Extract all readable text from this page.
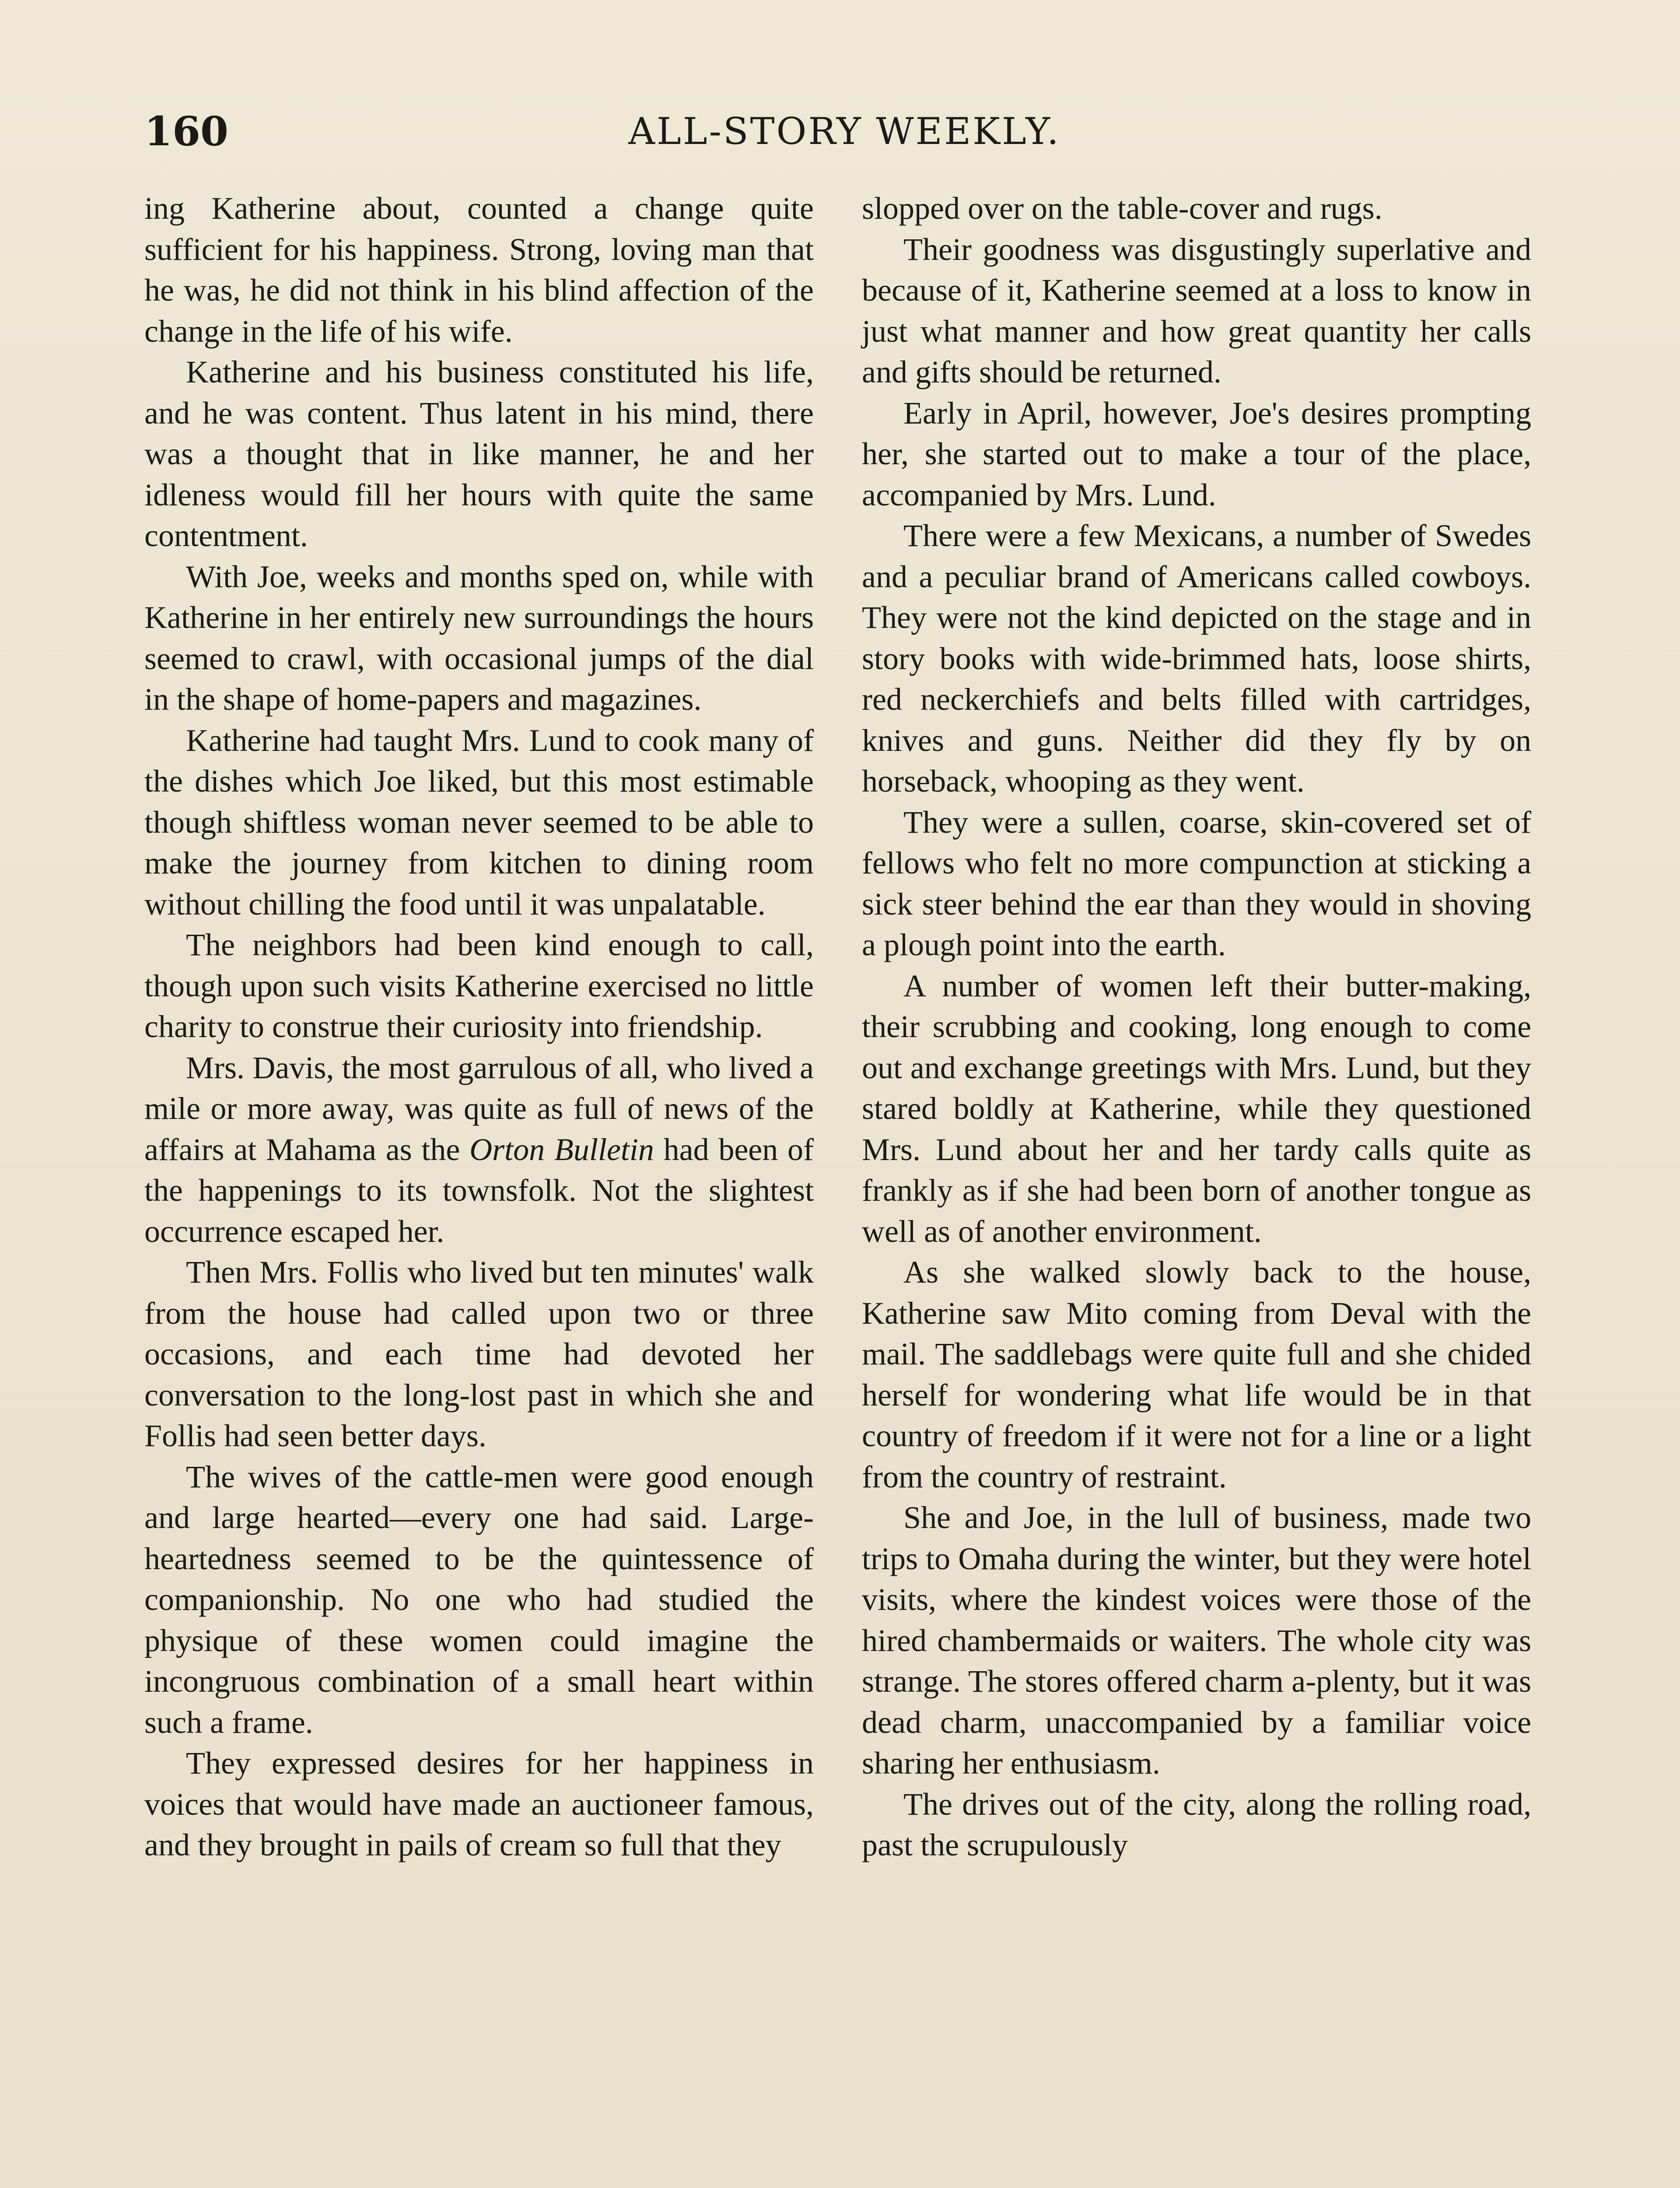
160	ALL-STORY WEEKLY.

ing Katherine about, counted a change quite sufficient for his happiness. Strong, loving man that he was, he did not think in his blind affection of the change in the life of his wife.

Katherine and his business constituted his life, and he was content. Thus latent in his mind, there was a thought that in like manner, he and her idleness would fill her hours with quite the same contentment.

With Joe, weeks and months sped on, while with Katherine in her entirely new surroundings the hours seemed to crawl, with occasional jumps of the dial in the shape of home-papers and magazines.

Katherine had taught Mrs. Lund to cook many of the dishes which Joe liked, but this most estimable though shiftless woman never seemed to be able to make the journey from kitchen to dining room without chilling the food until it was unpalatable.

The neighbors had been kind enough to call, though upon such visits Katherine exercised no little charity to construe their curiosity into friendship.

Mrs. Davis, the most garrulous of all, who lived a mile or more away, was quite as full of news of the affairs at Mahama as the Orton Bulletin had been of the happenings to its townsfolk. Not the slightest occurrence escaped her.

Then Mrs. Follis who lived but ten minutes' walk from the house had called upon two or three occasions, and each time had devoted her conversation to the long-lost past in which she and Follis had seen better days.

The wives of the cattle-men were good enough and large hearted—every one had said. Large-heartedness seemed to be the quintessence of companionship. No one who had studied the physique of these women could imagine the incongruous combination of a small heart within such a frame.

They expressed desires for her happiness in voices that would have made an auctioneer famous, and they brought in pails of cream so full that they

slopped over on the table-cover and rugs.

Their goodness was disgustingly superlative and because of it, Katherine seemed at a loss to know in just what manner and how great quantity her calls and gifts should be returned.

Early in April, however, Joe's desires prompting her, she started out to make a tour of the place, accompanied by Mrs. Lund.

There were a few Mexicans, a number of Swedes and a peculiar brand of Americans called cowboys. They were not the kind depicted on the stage and in story books with wide-brimmed hats, loose shirts, red neckerchiefs and belts filled with cartridges, knives and guns. Neither did they fly by on horseback, whooping as they went.

They were a sullen, coarse, skin-covered set of fellows who felt no more compunction at sticking a sick steer behind the ear than they would in shoving a plough point into the earth.

A number of women left their butter-making, their scrubbing and cooking, long enough to come out and exchange greetings with Mrs. Lund, but they stared boldly at Katherine, while they questioned Mrs. Lund about her and her tardy calls quite as frankly as if she had been born of another tongue as well as of another environment.

As she walked slowly back to the house, Katherine saw Mito coming from Deval with the mail. The saddlebags were quite full and she chided herself for wondering what life would be in that country of freedom if it were not for a line or a light from the country of restraint.

She and Joe, in the lull of business, made two trips to Omaha during the winter, but they were hotel visits, where the kindest voices were those of the hired chambermaids or waiters. The whole city was strange. The stores offered charm a-plenty, but it was dead charm, unaccompanied by a familiar voice sharing her enthusiasm.

The drives out of the city, along the rolling road, past the scrupulously
